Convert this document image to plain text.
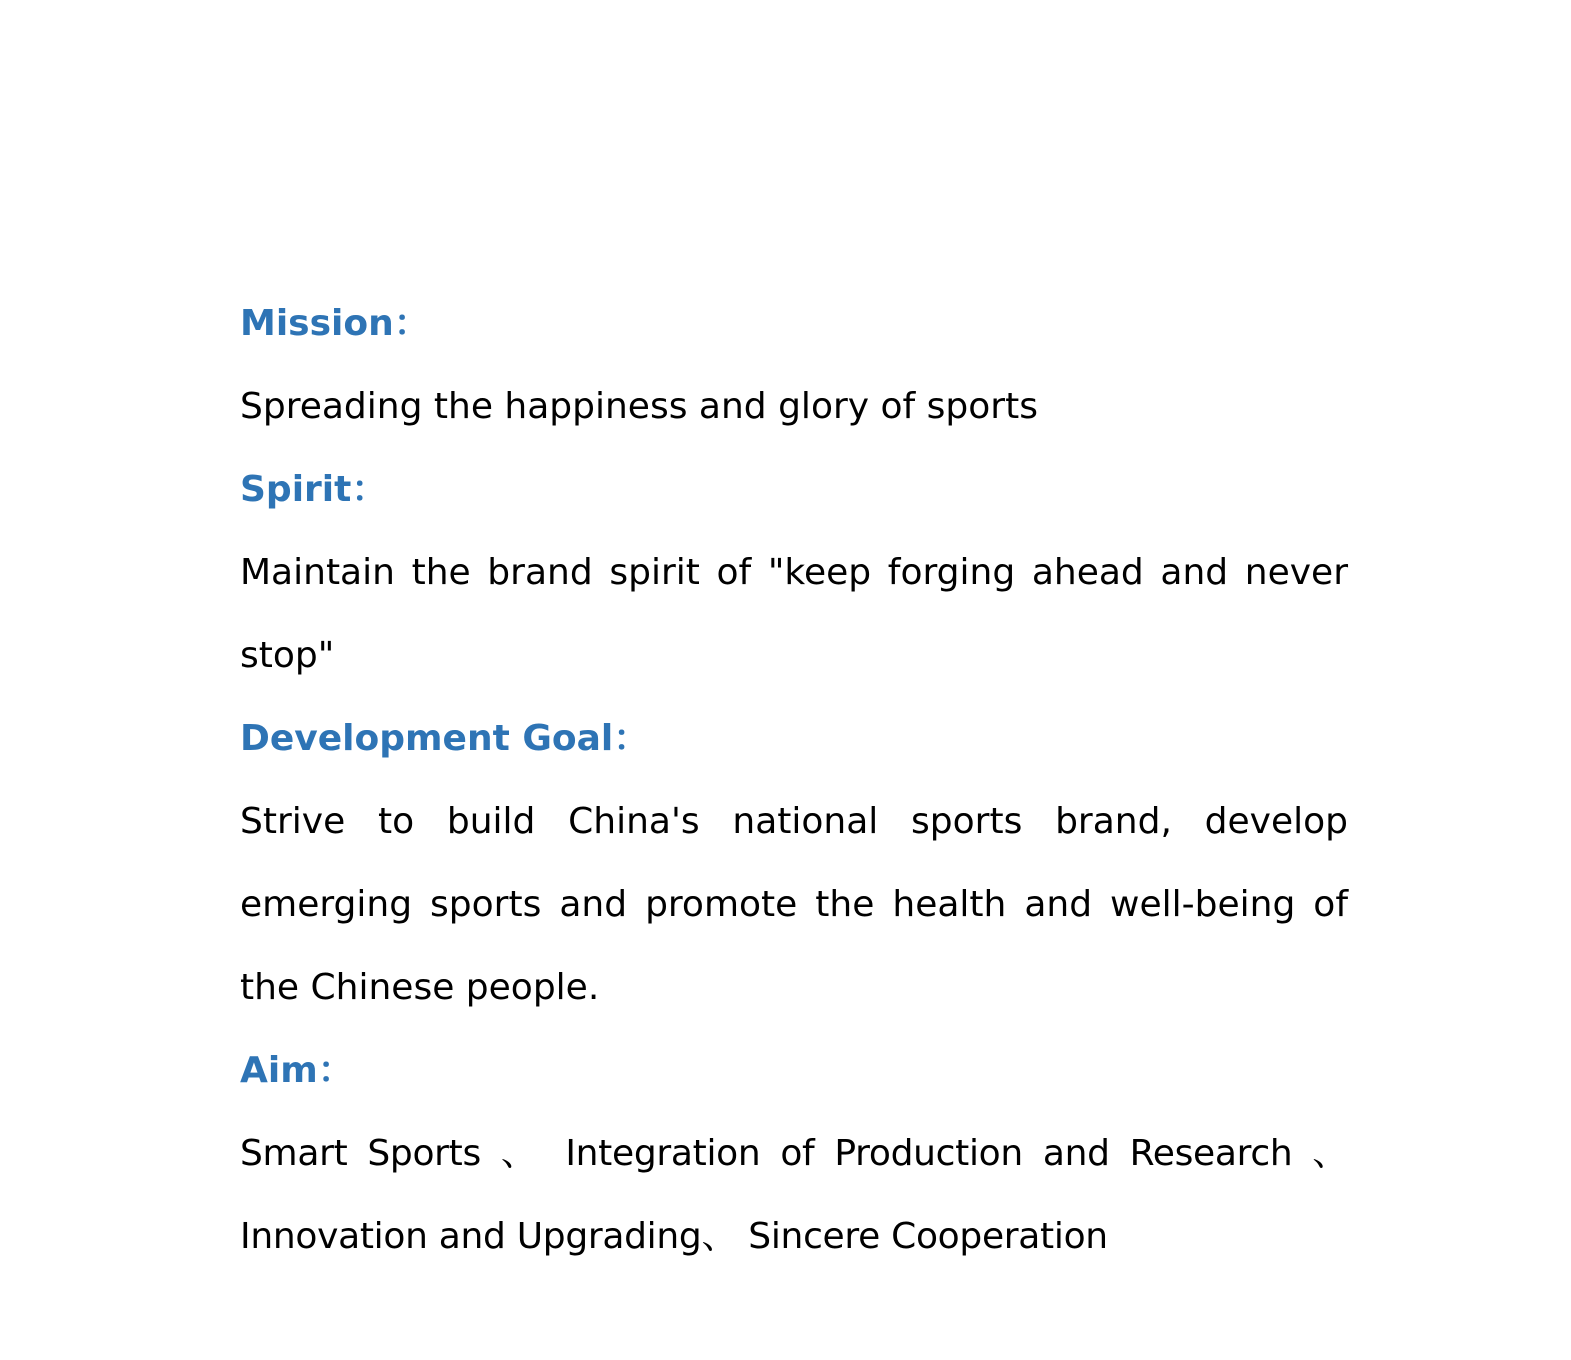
Mission：

Spreading the happiness and glory of sports

Spirit：

Maintain the brand spirit of "keep forging ahead and never stop"

Development Goal：

Strive to build China's national sports brand, develop emerging sports and promote the health and well-being of the Chinese people.

Aim：

Smart Sports 、 Integration of Production and Research 、 Innovation and Upgrading、 Sincere Cooperation
